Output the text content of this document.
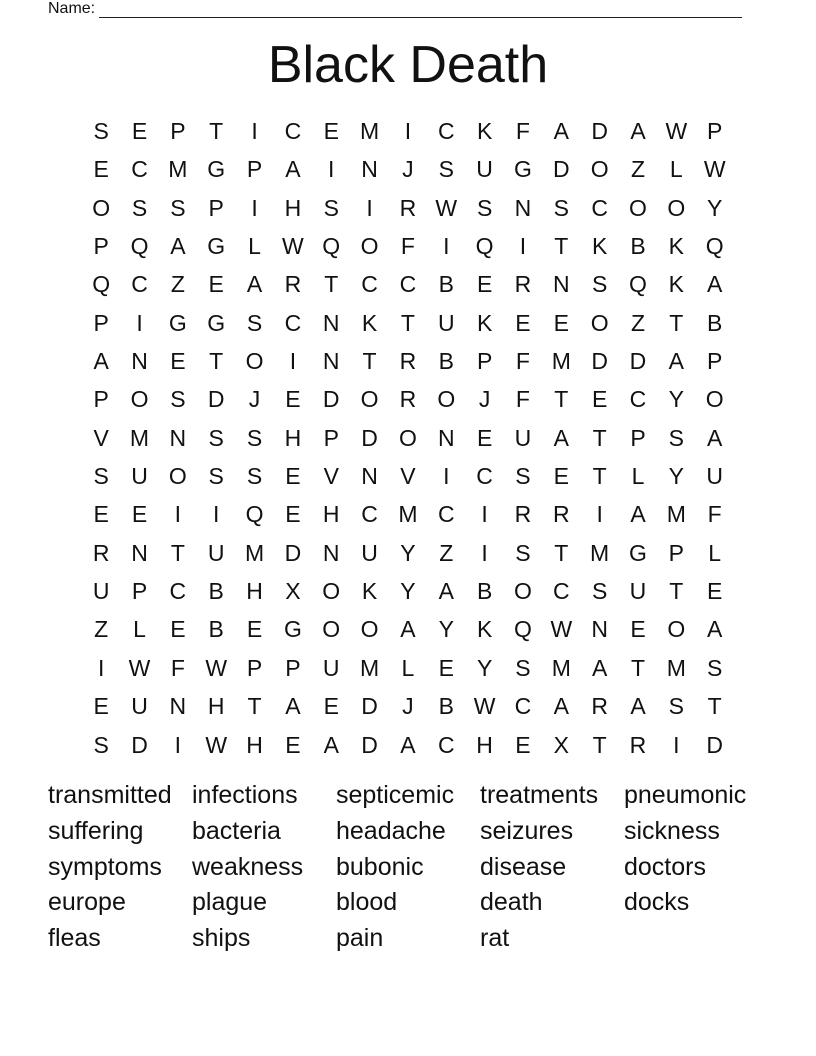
Name:
Black Death
S	E	P	T	I	C E M	I	C K	F	A D A W P
E C M G P	A	I	N	J	S U G D O Z	L W
O S	S	P	I	H S	I	R W S N S C O O Y
P Q A G	L W Q O F	I	Q	I	T	K	B	K Q
Q C	Z	E	A R	T	C C B	E R N S Q K	A
P	I	G G S C N K	T	U K	E	E O Z	T	B
A N E	T O	I	N	T	R B	P	F M D D A	P
P O S D	J	E D O R O	J	F	T	E C Y O
V M N S	S H P D O N E U A	T	P	S	A
S U O S	S	E	V N V	I	C S	E	T	L	Y U
E	E	I	I	Q E H C M C	I	R R	I	A M F
R N	T	U M D N U Y	Z	I	S	T M G P	L
U P C B H X O K	Y	A	B O C S U	T	E
Z	L	E	B	E G O O A	Y	K Q W N E O A
I	W F W P	P U M L	E	Y	S M A	T M S
E U N H	T	A	E D	J	B W C A R A	S	T
S D	I	W H E	A D A C H E	X	T	R	I	D
transmitted infections	septicemic	treatments	pneumonic
suffering	bacteria	headache	seizures	sickness
symptoms	weakness	bubonic	disease	doctors
europe	plague	blood	death	docks
fleas	ships	pain	rat
